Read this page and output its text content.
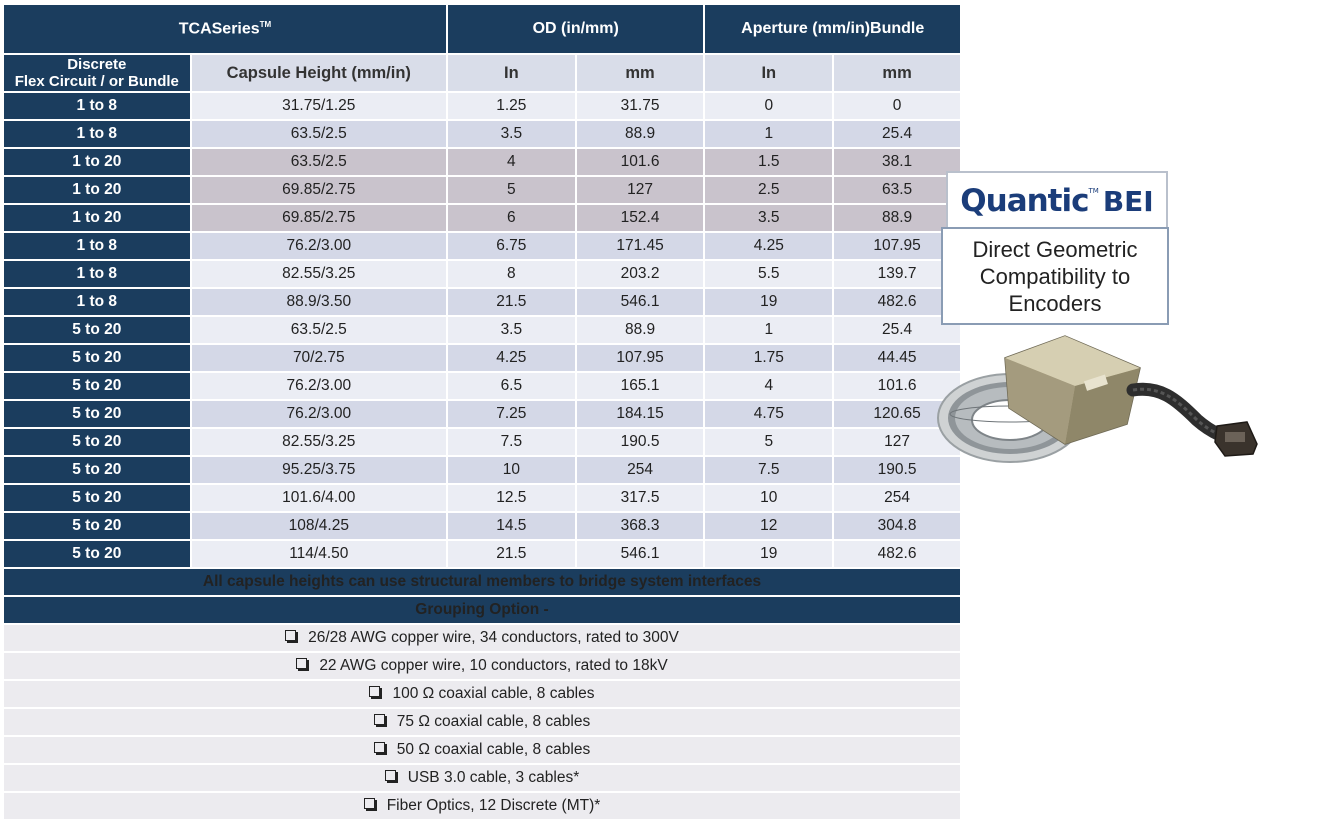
TCASeries™		OD (in/mm)		Aperture (mm/in)Bundle	
Discrete
Flex Circuit / or Bundle	Capsule Height (mm/in)	In	mm	In	mm
1 to 8	31.75/1.25	1.25	31.75	0	0
1 to 8	63.5/2.5	3.5	88.9	1	25.4
1 to 20	63.5/2.5	4	101.6	1.5	38.1
1 to 20	69.85/2.75	5	127	2.5	63.5
1 to 20	69.85/2.75	6	152.4	3.5	88.9
1 to 8	76.2/3.00	6.75	171.45	4.25	107.95
1 to 8	82.55/3.25	8	203.2	5.5	139.7
1 to 8	88.9/3.50	21.5	546.1	19	482.6
5 to 20	63.5/2.5	3.5	88.9	1	25.4
5 to 20	70/2.75	4.25	107.95	1.75	44.45
5 to 20	76.2/3.00	6.5	165.1	4	101.6
5 to 20	76.2/3.00	7.25	184.15	4.75	120.65
5 to 20	82.55/3.25	7.5	190.5	5	127
5 to 20	95.25/3.75	10	254	7.5	190.5
5 to 20	101.6/4.00	12.5	317.5	10	254
5 to 20	108/4.25	14.5	368.3	12	304.8
5 to 20	114/4.50	21.5	546.1	19	482.6
All capsule heights can use structural members to bridge system interfaces					
Grouping Option -					
26/28 AWG copper wire, 34 conductors, rated to 300V					
22 AWG copper wire, 10 conductors, rated to 18kV					
100 Ω coaxial cable, 8 cables					
75 Ω coaxial cable, 8 cables					
50 Ω coaxial cable, 8 cables					
USB 3.0 cable, 3 cables*					
Fiber Optics, 12 Discrete (MT)*					
Quantic TM BEI
Direct Geometric
Compatibility to
Encoders
